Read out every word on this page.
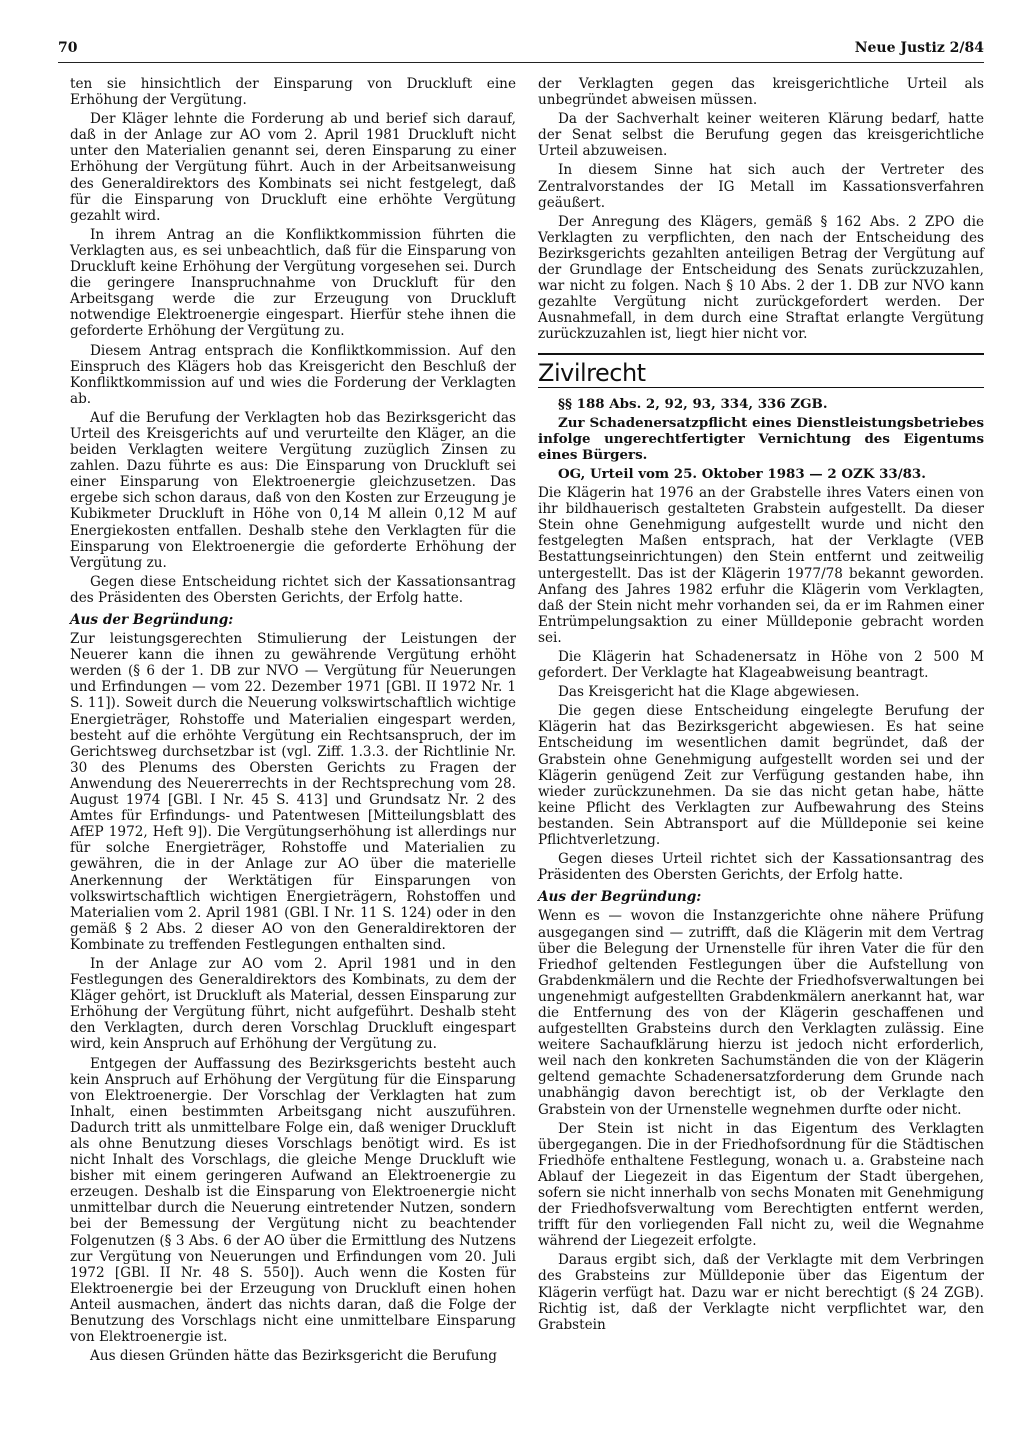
70	Neue Justiz 2/84

ten sie hinsichtlich der Einsparung von Druckluft eine Erhöhung der Vergütung.

Der Kläger lehnte die Forderung ab und berief sich darauf, daß in der Anlage zur AO vom 2. April 1981 Druckluft nicht unter den Materialien genannt sei, deren Einsparung zu einer Erhöhung der Vergütung führt. Auch in der Arbeitsanweisung des Generaldirektors des Kombinats sei nicht festgelegt, daß für die Einsparung von Druckluft eine erhöhte Vergütung gezahlt wird.

In ihrem Antrag an die Konfliktkommission führten die Verklagten aus, es sei unbeachtlich, daß für die Einsparung von Druckluft keine Erhöhung der Vergütung vorgesehen sei. Durch die geringere Inanspruchnahme von Druckluft für den Arbeitsgang werde die zur Erzeugung von Druckluft notwendige Elektroenergie eingespart. Hierfür stehe ihnen die geforderte Erhöhung der Vergütung zu.

Diesem Antrag entsprach die Konfliktkommission. Auf den Einspruch des Klägers hob das Kreisgericht den Beschluß der Konfliktkommission auf und wies die Forderung der Verklagten ab.

Auf die Berufung der Verklagten hob das Bezirksgericht das Urteil des Kreisgerichts auf und verurteilte den Kläger, an die beiden Verklagten weitere Vergütung zuzüglich Zinsen zu zahlen. Dazu führte es aus: Die Einsparung von Druckluft sei einer Einsparung von Elektroenergie gleichzusetzen. Das ergebe sich schon daraus, daß von den Kosten zur Erzeugung je Kubikmeter Druckluft in Höhe von 0,14 M allein 0,12 M auf Energiekosten entfallen. Deshalb stehe den Verklagten für die Einsparung von Elektroenergie die geforderte Erhöhung der Vergütung zu.

Gegen diese Entscheidung richtet sich der Kassationsantrag des Präsidenten des Obersten Gerichts, der Erfolg hatte.

Aus der Begründung:

Zur leistungsgerechten Stimulierung der Leistungen der Neuerer kann die ihnen zu gewährende Vergütung erhöht werden (§ 6 der 1. DB zur NVO — Vergütung für Neuerungen und Erfindungen — vom 22. Dezember 1971 [GBl. II 1972 Nr. 1 S. 11]). Soweit durch die Neuerung volkswirtschaftlich wichtige Energieträger, Rohstoffe und Materialien eingespart werden, besteht auf die erhöhte Vergütung ein Rechtsanspruch, der im Gerichtsweg durchsetzbar ist (vgl. Ziff. 1.3.3. der Richtlinie Nr. 30 des Plenums des Obersten Gerichts zu Fragen der Anwendung des Neuererrechts in der Rechtsprechung vom 28. August 1974 [GBl. I Nr. 45 S. 413] und Grundsatz Nr. 2 des Amtes für Erfindungs- und Patentwesen [Mitteilungsblatt des AfEP 1972, Heft 9]). Die Vergütungserhöhung ist allerdings nur für solche Energieträger, Rohstoffe und Materialien zu gewähren, die in der Anlage zur AO über die materielle Anerkennung der Werktätigen für Einsparungen von volkswirtschaftlich wichtigen Energieträgern, Rohstoffen und Materialien vom 2. April 1981 (GBl. I Nr. 11 S. 124) oder in den gemäß § 2 Abs. 2 dieser AO von den Generaldirektoren der Kombinate zu treffenden Festlegungen enthalten sind.

In der Anlage zur AO vom 2. April 1981 und in den Festlegungen des Generaldirektors des Kombinats, zu dem der Kläger gehört, ist Druckluft als Material, dessen Einsparung zur Erhöhung der Vergütung führt, nicht aufgeführt. Deshalb steht den Verklagten, durch deren Vorschlag Druckluft eingespart wird, kein Anspruch auf Erhöhung der Vergütung zu.

Entgegen der Auffassung des Bezirksgerichts besteht auch kein Anspruch auf Erhöhung der Vergütung für die Einsparung von Elektroenergie. Der Vorschlag der Verklagten hat zum Inhalt, einen bestimmten Arbeitsgang nicht auszuführen. Dadurch tritt als unmittelbare Folge ein, daß weniger Druckluft als ohne Benutzung dieses Vorschlags benötigt wird. Es ist nicht Inhalt des Vorschlags, die gleiche Menge Druckluft wie bisher mit einem geringeren Aufwand an Elektroenergie zu erzeugen. Deshalb ist die Einsparung von Elektroenergie nicht unmittelbar durch die Neuerung eintretender Nutzen, sondern bei der Bemessung der Vergütung nicht zu beachtender Folgenutzen (§ 3 Abs. 6 der AO über die Ermittlung des Nutzens zur Vergütung von Neuerungen und Erfindungen vom 20. Juli 1972 [GBl. II Nr. 48 S. 550]). Auch wenn die Kosten für Elektroenergie bei der Erzeugung von Druckluft einen hohen Anteil ausmachen, ändert das nichts daran, daß die Folge der Benutzung des Vorschlags nicht eine unmittelbare Einsparung von Elektroenergie ist.

Aus diesen Gründen hätte das Bezirksgericht die Berufung

der Verklagten gegen das kreisgerichtliche Urteil als unbegründet abweisen müssen.

Da der Sachverhalt keiner weiteren Klärung bedarf, hatte der Senat selbst die Berufung gegen das kreisgerichtliche Urteil abzuweisen.

In diesem Sinne hat sich auch der Vertreter des Zentralvorstandes der IG Metall im Kassationsverfahren geäußert.

Der Anregung des Klägers, gemäß § 162 Abs. 2 ZPO die Verklagten zu verpflichten, den nach der Entscheidung des Bezirksgerichts gezahlten anteiligen Betrag der Vergütung auf der Grundlage der Entscheidung des Senats zurückzuzahlen, war nicht zu folgen. Nach § 10 Abs. 2 der 1. DB zur NVO kann gezahlte Vergütung nicht zurückgefordert werden. Der Ausnahmefall, in dem durch eine Straftat erlangte Vergütung zurückzuzahlen ist, liegt hier nicht vor.

Zivilrecht

§§ 188 Abs. 2, 92, 93, 334, 336 ZGB.

Zur Schadenersatzpflicht eines Dienstleistungsbetriebes infolge ungerechtfertigter Vernichtung des Eigentums eines Bürgers.

OG, Urteil vom 25. Oktober 1983 — 2 OZK 33/83.

Die Klägerin hat 1976 an der Grabstelle ihres Vaters einen von ihr bildhauerisch gestalteten Grabstein aufgestellt. Da dieser Stein ohne Genehmigung aufgestellt wurde und nicht den festgelegten Maßen entsprach, hat der Verklagte (VEB Bestattungseinrichtungen) den Stein entfernt und zeitweilig untergestellt. Das ist der Klägerin 1977/78 bekannt geworden. Anfang des Jahres 1982 erfuhr die Klägerin vom Verklagten, daß der Stein nicht mehr vorhanden sei, da er im Rahmen einer Entrümpelungsaktion zu einer Mülldeponie gebracht worden sei.

Die Klägerin hat Schadenersatz in Höhe von 2 500 M gefordert. Der Verklagte hat Klageabweisung beantragt.

Das Kreisgericht hat die Klage abgewiesen.

Die gegen diese Entscheidung eingelegte Berufung der Klägerin hat das Bezirksgericht abgewiesen. Es hat seine Entscheidung im wesentlichen damit begründet, daß der Grabstein ohne Genehmigung aufgestellt worden sei und der Klägerin genügend Zeit zur Verfügung gestanden habe, ihn wieder zurückzunehmen. Da sie das nicht getan habe, hätte keine Pflicht des Verklagten zur Aufbewahrung des Steins bestanden. Sein Abtransport auf die Mülldeponie sei keine Pflichtverletzung.

Gegen dieses Urteil richtet sich der Kassationsantrag des Präsidenten des Obersten Gerichts, der Erfolg hatte.

Aus der Begründung:

Wenn es — wovon die Instanzgerichte ohne nähere Prüfung ausgegangen sind — zutrifft, daß die Klägerin mit dem Vertrag über die Belegung der Urnenstelle für ihren Vater die für den Friedhof geltenden Festlegungen über die Aufstellung von Grabdenkmälern und die Rechte der Friedhofsverwaltungen bei ungenehmigt aufgestellten Grabdenkmälern anerkannt hat, war die Entfernung des von der Klägerin geschaffenen und aufgestellten Grabsteins durch den Verklagten zulässig. Eine weitere Sachaufklärung hierzu ist jedoch nicht erforderlich, weil nach den konkreten Sachumständen die von der Klägerin geltend gemachte Schadenersatzforderung dem Grunde nach unabhängig davon berechtigt ist, ob der Verklagte den Grabstein von der Urnenstelle wegnehmen durfte oder nicht.

Der Stein ist nicht in das Eigentum des Verklagten übergegangen. Die in der Friedhofsordnung für die Städtischen Friedhöfe enthaltene Festlegung, wonach u. a. Grabsteine nach Ablauf der Liegezeit in das Eigentum der Stadt übergehen, sofern sie nicht innerhalb von sechs Monaten mit Genehmigung der Friedhofsverwaltung vom Berechtigten entfernt werden, trifft für den vorliegenden Fall nicht zu, weil die Wegnahme während der Liegezeit erfolgte.

Daraus ergibt sich, daß der Verklagte mit dem Verbringen des Grabsteins zur Mülldeponie über das Eigentum der Klägerin verfügt hat. Dazu war er nicht berechtigt (§ 24 ZGB). Richtig ist, daß der Verklagte nicht verpflichtet war, den Grabstein
